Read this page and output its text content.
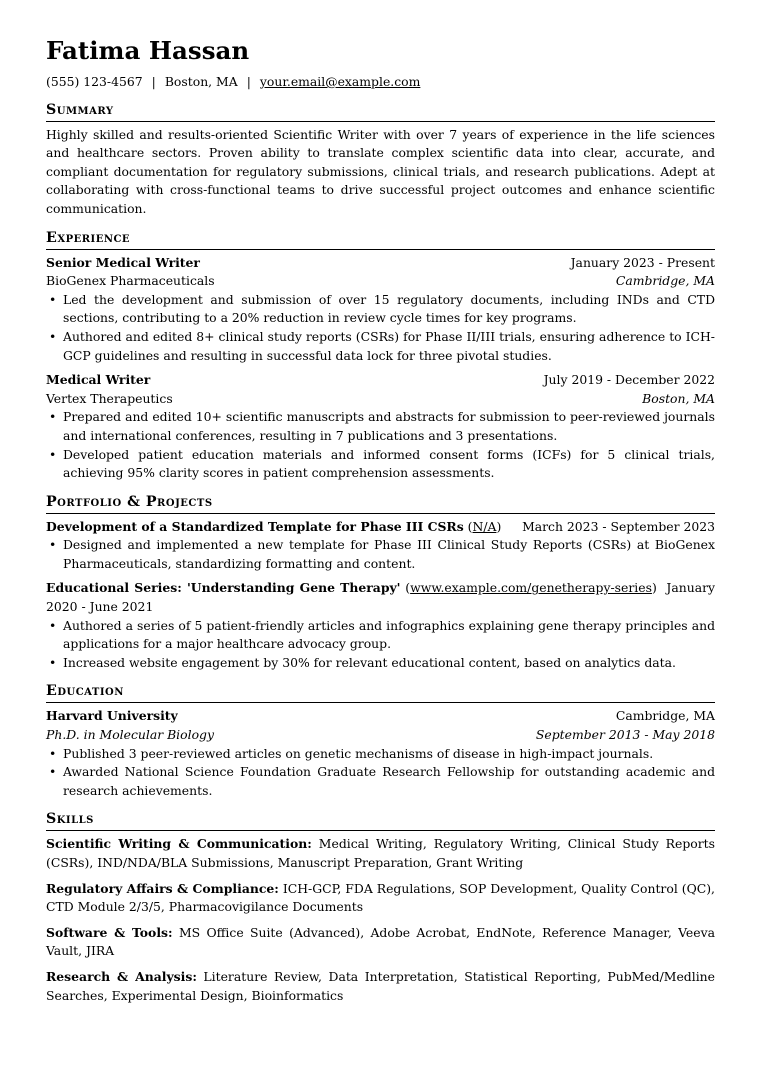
Fatima Hassan
(555) 123-4567 | Boston, MA | your.email@example.com
Summary
Highly skilled and results-oriented Scientific Writer with over 7 years of experience in the life sciences and healthcare sectors. Proven ability to translate complex scientific data into clear, accurate, and compliant documentation for regulatory submissions, clinical trials, and research publications. Adept at collaborating with cross-functional teams to drive successful project outcomes and enhance scientific communication.
Experience
Senior Medical Writer	January 2023 - Present
BioGenex Pharmaceuticals	Cambridge, MA
• Led the development and submission of over 15 regulatory documents, including INDs and CTD sections, contributing to a 20% reduction in review cycle times for key programs.
• Authored and edited 8+ clinical study reports (CSRs) for Phase II/III trials, ensuring adherence to ICH-GCP guidelines and resulting in successful data lock for three pivotal studies.
Medical Writer	July 2019 - December 2022
Vertex Therapeutics	Boston, MA
• Prepared and edited 10+ scientific manuscripts and abstracts for submission to peer-reviewed journals and international conferences, resulting in 7 publications and 3 presentations.
• Developed patient education materials and informed consent forms (ICFs) for 5 clinical trials, achieving 95% clarity scores in patient comprehension assessments.
Portfolio & Projects
Development of a Standardized Template for Phase III CSRs (N/A) March 2023 - September 2023
• Designed and implemented a new template for Phase III Clinical Study Reports (CSRs) at BioGenex Pharmaceuticals, standardizing formatting and content.
Educational Series: 'Understanding Gene Therapy' (www.example.com/genetherapy-series)  January 2020 - June 2021
• Authored a series of 5 patient-friendly articles and infographics explaining gene therapy principles and applications for a major healthcare advocacy group.
• Increased website engagement by 30% for relevant educational content, based on analytics data.
Education
Harvard University	Cambridge, MA
Ph.D. in Molecular Biology	September 2013 - May 2018
• Published 3 peer-reviewed articles on genetic mechanisms of disease in high-impact journals.
• Awarded National Science Foundation Graduate Research Fellowship for outstanding academic and research achievements.
Skills
Scientific Writing & Communication: Medical Writing, Regulatory Writing, Clinical Study Reports (CSRs), IND/NDA/BLA Submissions, Manuscript Preparation, Grant Writing
Regulatory Affairs & Compliance: ICH-GCP, FDA Regulations, SOP Development, Quality Control (QC), CTD Module 2/3/5, Pharmacovigilance Documents
Software & Tools: MS Office Suite (Advanced), Adobe Acrobat, EndNote, Reference Manager, Veeva Vault, JIRA
Research & Analysis: Literature Review, Data Interpretation, Statistical Reporting, PubMed/Medline Searches, Experimental Design, Bioinformatics
